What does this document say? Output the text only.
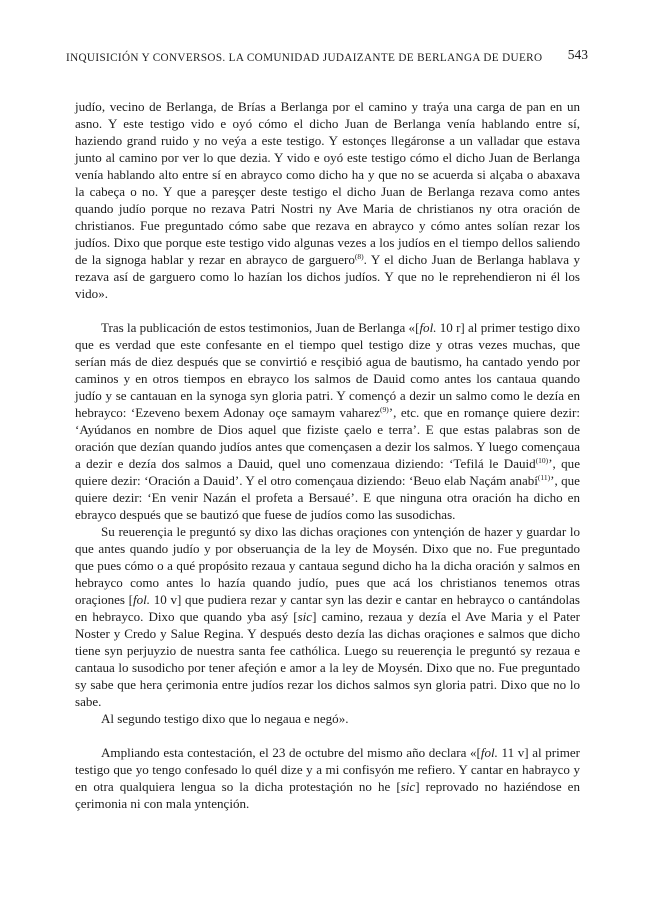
INQUISICIÓN Y CONVERSOS. LA COMUNIDAD JUDAIZANTE DE BERLANGA DE DUERO	543

judío, vecino de Berlanga, de Brías a Berlanga por el camino y traýa una carga de pan en un asno. Y este testigo vido e oyó cómo el dicho Juan de Berlanga venía hablando entre sí, haziendo grand ruido y no veýa a este testigo. Y estonçes llegáronse a un valladar que estava junto al camino por ver lo que dezia. Y vido e oyó este testigo cómo el dicho Juan de Berlanga venía hablando alto entre sí en abrayco como dicho ha y que no se acuerda si alçaba o abaxava la cabeça o no. Y que a pareşçer deste testigo el dicho Juan de Berlanga rezava como antes quando judío porque no rezava Patri Nostri ny Ave Maria de christianos ny otra oración de christianos. Fue preguntado cómo sabe que rezava en abrayco y cómo antes solían rezar los judíos. Dixo que porque este testigo vido algunas vezes a los judíos en el tiempo dellos saliendo de la signoga hablar y rezar en abrayco de garguero$^{(8)}$. Y el dicho Juan de Berlanga hablava y rezava así de garguero como lo hazían los dichos judíos. Y que no le reprehendieron ni él los vido».

Tras la publicación de estos testimonios, Juan de Berlanga «[fol. 10 r] al primer testigo dixo que es verdad que este confesante en el tiempo quel testigo dize y otras vezes muchas, que serían más de diez después que se convirtió e resçibió agua de bautismo, ha cantado yendo por caminos y en otros tiempos en ebrayco los salmos de Dauid como antes los cantaua quando judío y se cantauan en la synoga syn gloria patri. Y començó a dezir un salmo como le dezía en hebrayco: ‘Ezeveno bexem Adonay oçe samaym vaharez$^{(9)}$’, etc. que en romançe quiere dezir: ‘Ayúdanos en nombre de Dios aquel que fiziste çaelo e terra’. E que estas palabras son de oración que dezían quando judíos antes que començasen a dezir los salmos. Y luego començaua a dezir e dezía dos salmos a Dauid, quel uno comenzaua diziendo: ‘Tefilá le Dauid$^{(10)}$’, que quiere dezir: ‘Oración a Dauid’. Y el otro començaua diziendo: ‘Beuo elab Naçám anabí$^{(11)}$’, que quiere dezir: ‘En venir Nazán el profeta a Bersaué’. E que ninguna otra oración ha dicho en ebrayco después que se bautizó que fuese de judíos como las susodichas.

Su reuerençia le preguntó sy dixo las dichas oraçiones con yntençión de hazer y guardar lo que antes quando judío y por obseruançia de la ley de Moysén. Dixo que no. Fue preguntado que pues cómo o a qué propósito rezaua y cantaua segund dicho ha la dicha oración y salmos en hebrayco como antes lo hazía quando judío, pues que acá los christianos tenemos otras oraçiones [fol. 10 v] que pudiera rezar y cantar syn las dezir e cantar en hebrayco o cantándolas en hebrayco. Dixo que quando yba asý [sic] camino, rezaua y dezía el Ave Maria y el Pater Noster y Credo y Salue Regina. Y después desto dezía las dichas oraçiones e salmos que dicho tiene syn perjuyzio de nuestra santa fee cathólica. Luego su reuerençia le preguntó sy rezaua e cantaua lo susodicho por tener afeçión e amor a la ley de Moysén. Dixo que no. Fue preguntado sy sabe que hera çerimonia entre judíos rezar los dichos salmos syn gloria patri. Dixo que no lo sabe.

Al segundo testigo dixo que lo negaua e negó».

Ampliando esta contestación, el 23 de octubre del mismo año declara «[fol. 11 v] al primer testigo que yo tengo confesado lo quél dize y a mi confisyón me refiero. Y cantar en habrayco y en otra qualquiera lengua so la dicha protestaçión no he [sic] reprovado no haziéndose en çerimonia ni con mala yntençión.
